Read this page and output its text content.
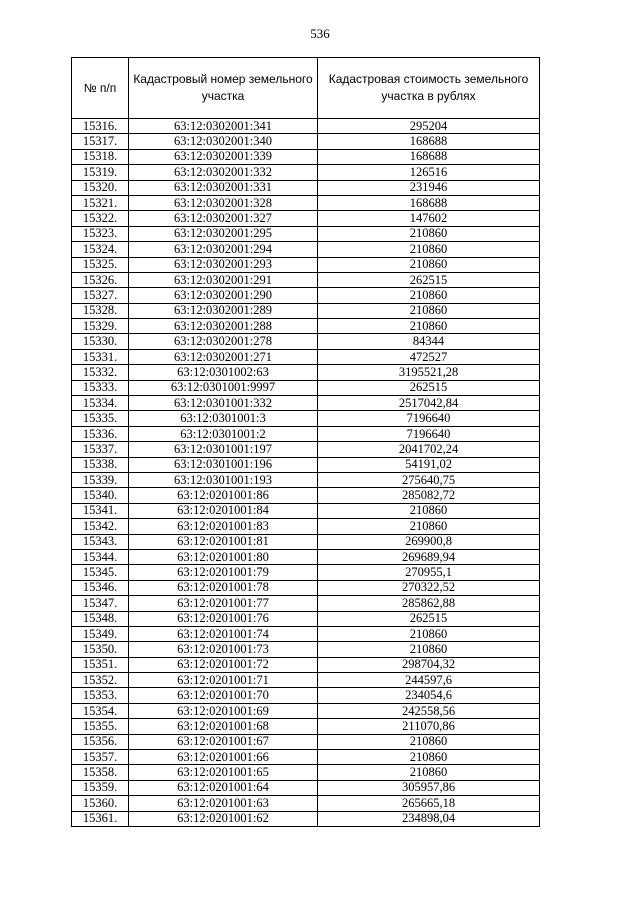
536
№ п/п	Кадастровый номер земельного участка	Кадастровая стоимость земельного участка в рублях
15316.	63:12:0302001:341	295204
15317.	63:12:0302001:340	168688
15318.	63:12:0302001:339	168688
15319.	63:12:0302001:332	126516
15320.	63:12:0302001:331	231946
15321.	63:12:0302001:328	168688
15322.	63:12:0302001:327	147602
15323.	63:12:0302001:295	210860
15324.	63:12:0302001:294	210860
15325.	63:12:0302001:293	210860
15326.	63:12:0302001:291	262515
15327.	63:12:0302001:290	210860
15328.	63:12:0302001:289	210860
15329.	63:12:0302001:288	210860
15330.	63:12:0302001:278	84344
15331.	63:12:0302001:271	472527
15332.	63:12:0301002:63	3195521,28
15333.	63:12:0301001:9997	262515
15334.	63:12:0301001:332	2517042,84
15335.	63:12:0301001:3	7196640
15336.	63:12:0301001:2	7196640
15337.	63:12:0301001:197	2041702,24
15338.	63:12:0301001:196	54191,02
15339.	63:12:0301001:193	275640,75
15340.	63:12:0201001:86	285082,72
15341.	63:12:0201001:84	210860
15342.	63:12:0201001:83	210860
15343.	63:12:0201001:81	269900,8
15344.	63:12:0201001:80	269689,94
15345.	63:12:0201001:79	270955,1
15346.	63:12:0201001:78	270322,52
15347.	63:12:0201001:77	285862,88
15348.	63:12:0201001:76	262515
15349.	63:12:0201001:74	210860
15350.	63:12:0201001:73	210860
15351.	63:12:0201001:72	298704,32
15352.	63:12:0201001:71	244597,6
15353.	63:12:0201001:70	234054,6
15354.	63:12:0201001:69	242558,56
15355.	63:12:0201001:68	211070,86
15356.	63:12:0201001:67	210860
15357.	63:12:0201001:66	210860
15358.	63:12:0201001:65	210860
15359.	63:12:0201001:64	305957,86
15360.	63:12:0201001:63	265665,18
15361.	63:12:0201001:62	234898,04
